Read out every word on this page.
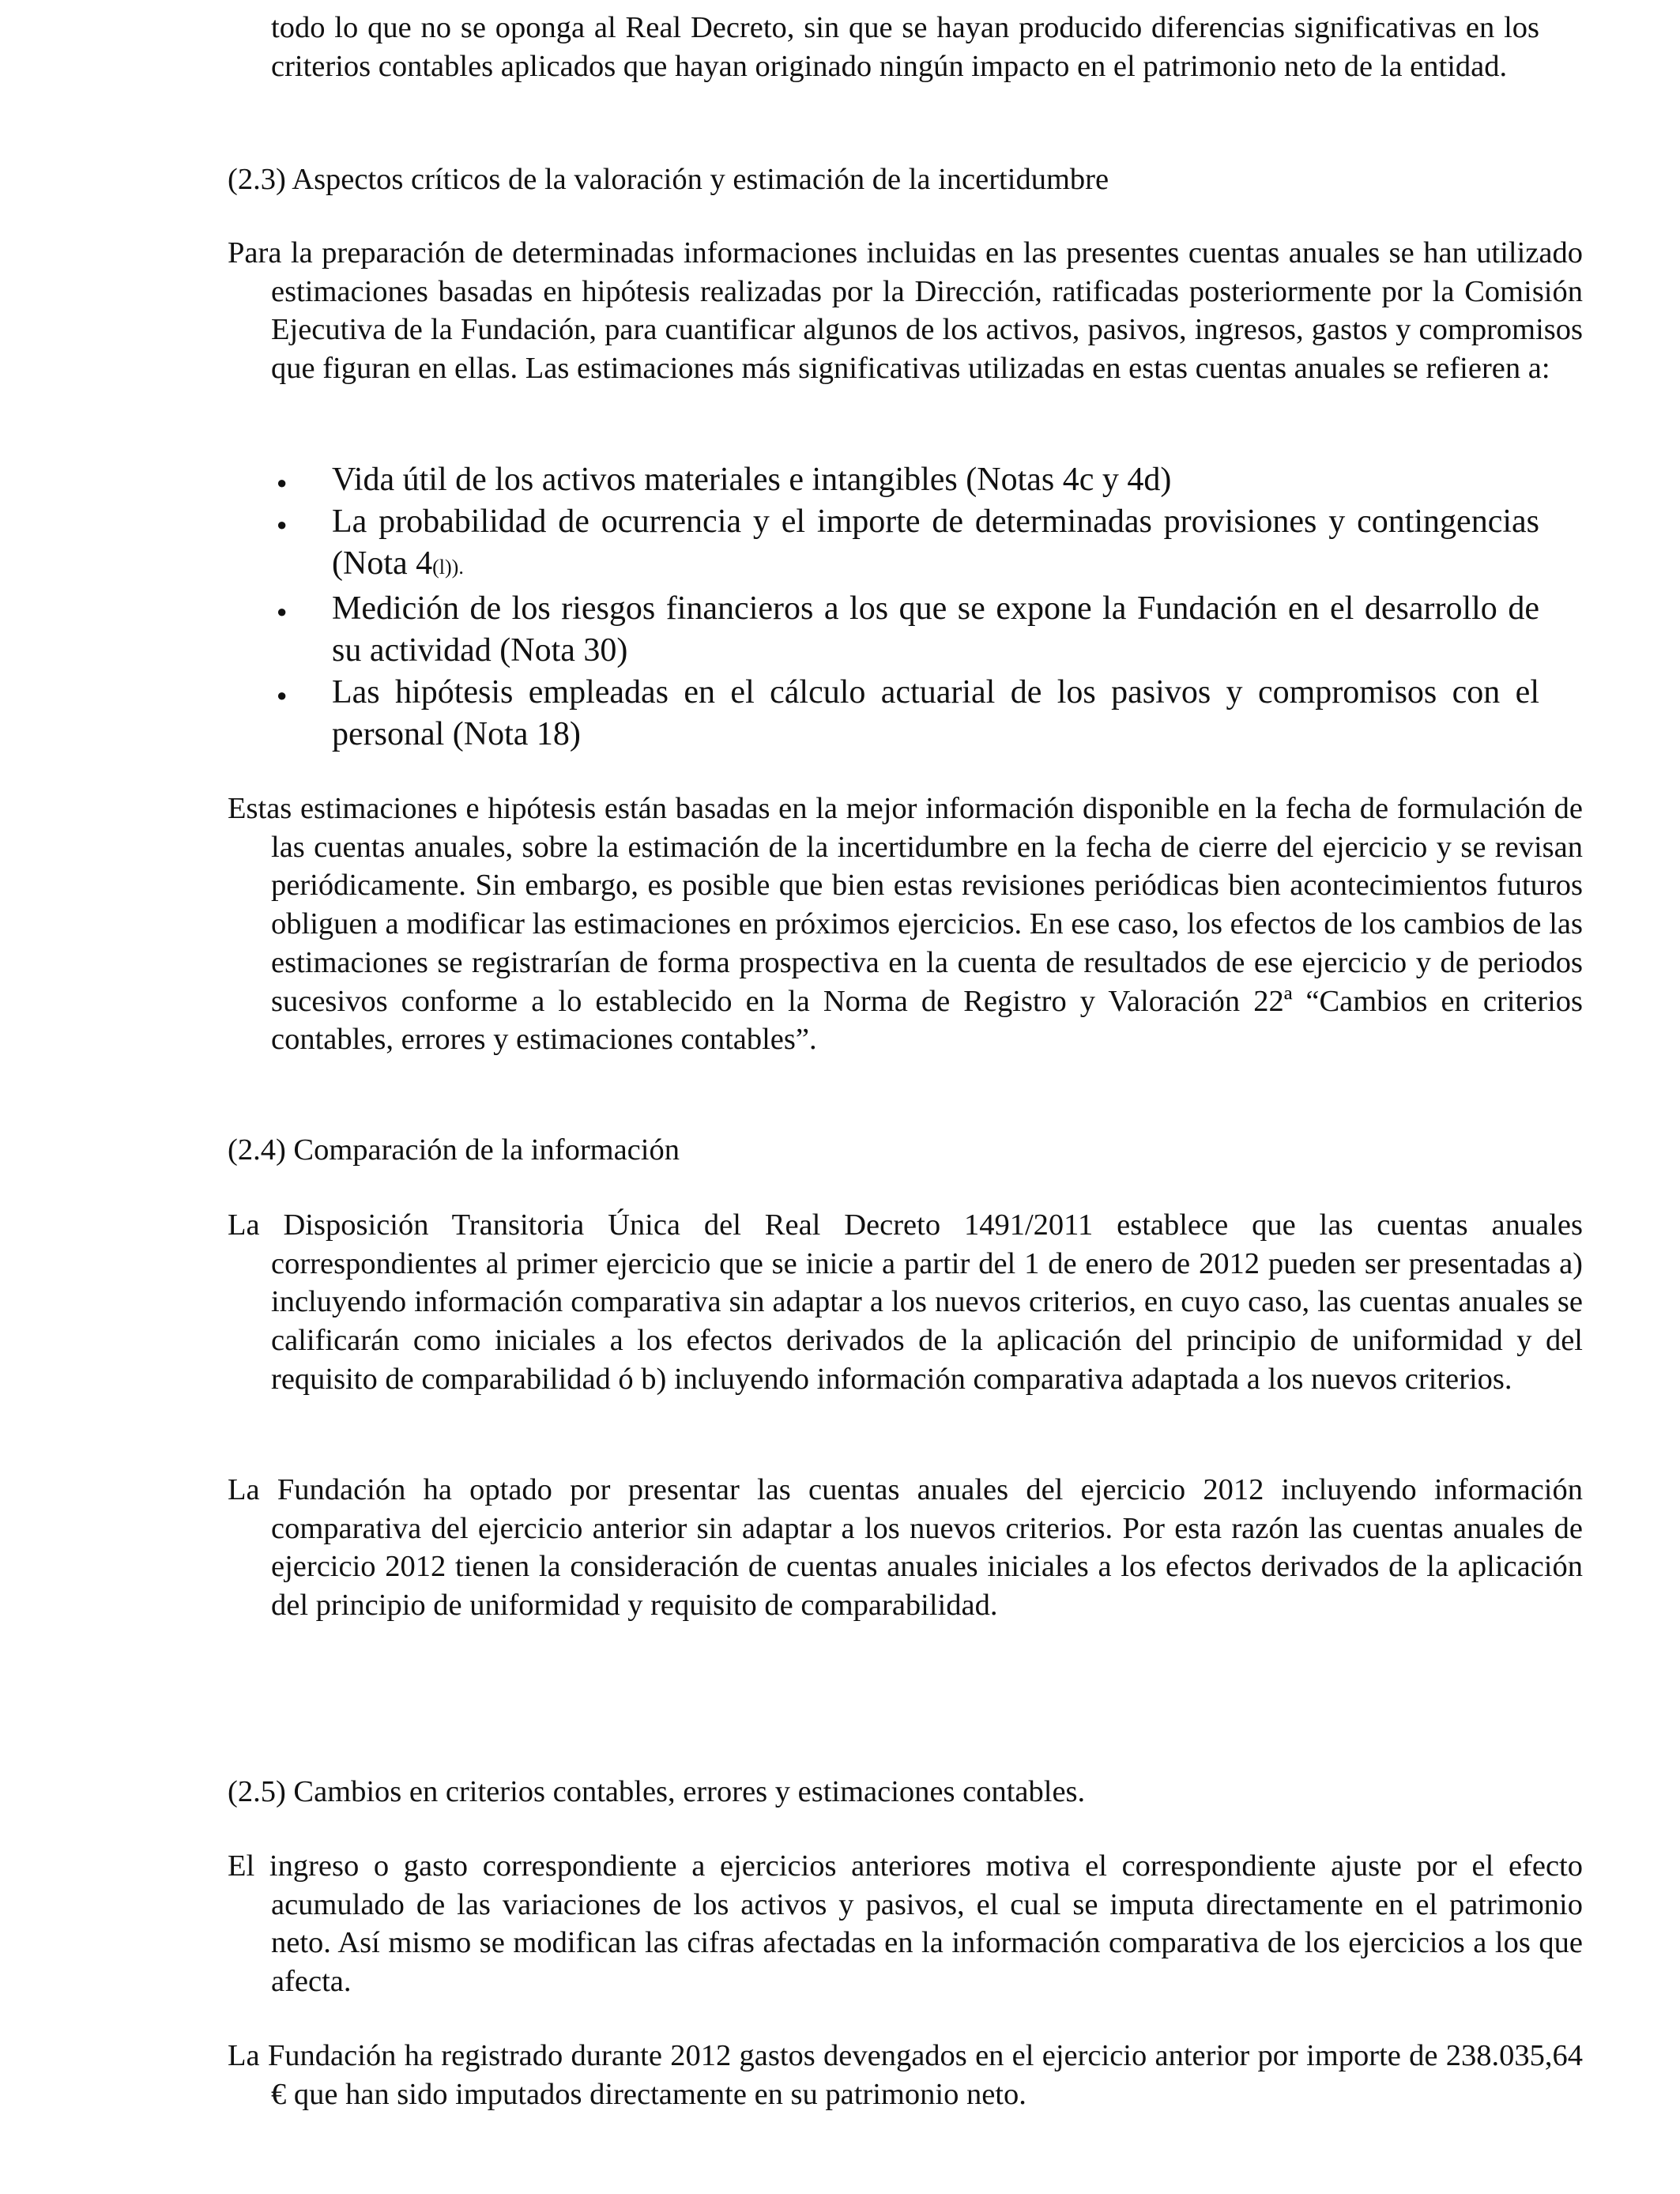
todo lo que no se oponga al Real Decreto, sin que se hayan producido diferencias significativas en los criterios contables aplicados que hayan originado ningún impacto en el patrimonio neto de la entidad.

(2.3) Aspectos críticos de la valoración y estimación de la incertidumbre

Para la preparación de determinadas informaciones incluidas en las presentes cuentas anuales se han utilizado estimaciones basadas en hipótesis realizadas por la Dirección, ratificadas posteriormente por la Comisión Ejecutiva de la Fundación, para cuantificar algunos de los activos, pasivos, ingresos, gastos y compromisos que figuran en ellas. Las estimaciones más significativas utilizadas en estas cuentas anuales se refieren a:

● Vida útil de los activos materiales e intangibles (Notas 4c y 4d)
● La probabilidad de ocurrencia y el importe de determinadas provisiones y contingencias (Nota 4(l)).
● Medición de los riesgos financieros a los que se expone la Fundación en el desarrollo de su actividad (Nota 30)
● Las hipótesis empleadas en el cálculo actuarial de los pasivos y compromisos con el personal (Nota 18)

Estas estimaciones e hipótesis están basadas en la mejor información disponible en la fecha de formulación de las cuentas anuales, sobre la estimación de la incertidumbre en la fecha de cierre del ejercicio y se revisan periódicamente. Sin embargo, es posible que bien estas revisiones periódicas bien acontecimientos futuros obliguen a modificar las estimaciones en próximos ejercicios. En ese caso, los efectos de los cambios de las estimaciones se registrarían de forma prospectiva en la cuenta de resultados de ese ejercicio y de periodos sucesivos conforme a lo establecido en la Norma de Registro y Valoración 22ª “Cambios en criterios contables, errores y estimaciones contables”.

(2.4) Comparación de la información

La Disposición Transitoria Única del Real Decreto 1491/2011 establece que las cuentas anuales correspondientes al primer ejercicio que se inicie a partir del 1 de enero de 2012 pueden ser presentadas a) incluyendo información comparativa sin adaptar a los nuevos criterios, en cuyo caso, las cuentas anuales se calificarán como iniciales a los efectos derivados de la aplicación del principio de uniformidad y del requisito de comparabilidad ó b) incluyendo información comparativa adaptada a los nuevos criterios.

La Fundación ha optado por presentar las cuentas anuales del ejercicio 2012 incluyendo información comparativa del ejercicio anterior sin adaptar a los nuevos criterios. Por esta razón las cuentas anuales de ejercicio 2012 tienen la consideración de cuentas anuales iniciales a los efectos derivados de la aplicación del principio de uniformidad y requisito de comparabilidad.

(2.5) Cambios en criterios contables, errores y estimaciones contables.

El ingreso o gasto correspondiente a ejercicios anteriores motiva el correspondiente ajuste por el efecto acumulado de las variaciones de los activos y pasivos, el cual se imputa directamente en el patrimonio neto. Así mismo se modifican las cifras afectadas en la información comparativa de los ejercicios a los que afecta.

La Fundación ha registrado durante 2012 gastos devengados en el ejercicio anterior por importe de 238.035,64 € que han sido imputados directamente en su patrimonio neto.
